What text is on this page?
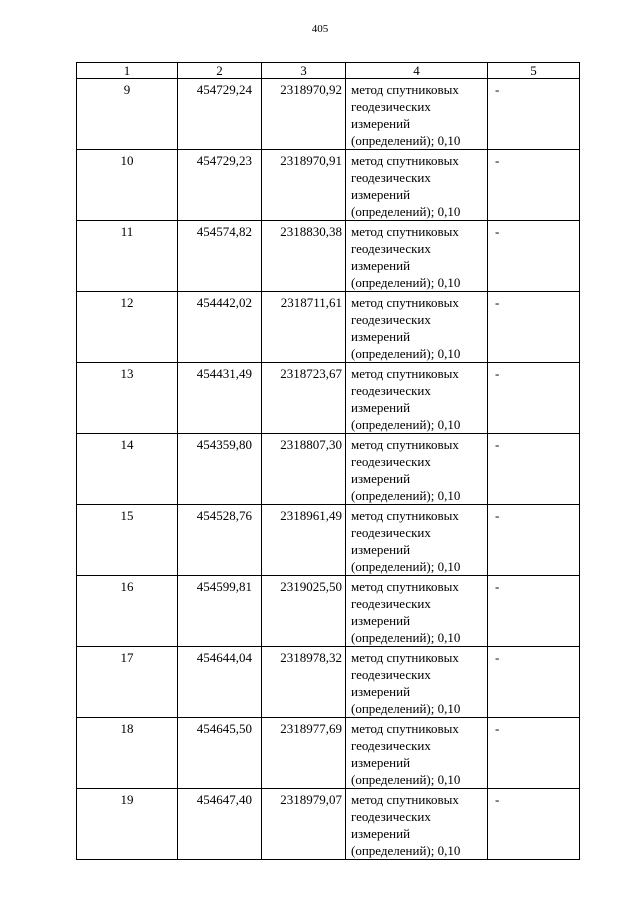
405
1	2	3	4	5
9	454729,24	2318970,92	метод спутниковых
геодезических
измерений
(определений); 0,10	-
10	454729,23	2318970,91	метод спутниковых
геодезических
измерений
(определений); 0,10	-
11	454574,82	2318830,38	метод спутниковых
геодезических
измерений
(определений); 0,10	-
12	454442,02	2318711,61	метод спутниковых
геодезических
измерений
(определений); 0,10	-
13	454431,49	2318723,67	метод спутниковых
геодезических
измерений
(определений); 0,10	-
14	454359,80	2318807,30	метод спутниковых
геодезических
измерений
(определений); 0,10	-
15	454528,76	2318961,49	метод спутниковых
геодезических
измерений
(определений); 0,10	-
16	454599,81	2319025,50	метод спутниковых
геодезических
измерений
(определений); 0,10	-
17	454644,04	2318978,32	метод спутниковых
геодезических
измерений
(определений); 0,10	-
18	454645,50	2318977,69	метод спутниковых
геодезических
измерений
(определений); 0,10	-
19	454647,40	2318979,07	метод спутниковых
геодезических
измерений
(определений); 0,10	-
